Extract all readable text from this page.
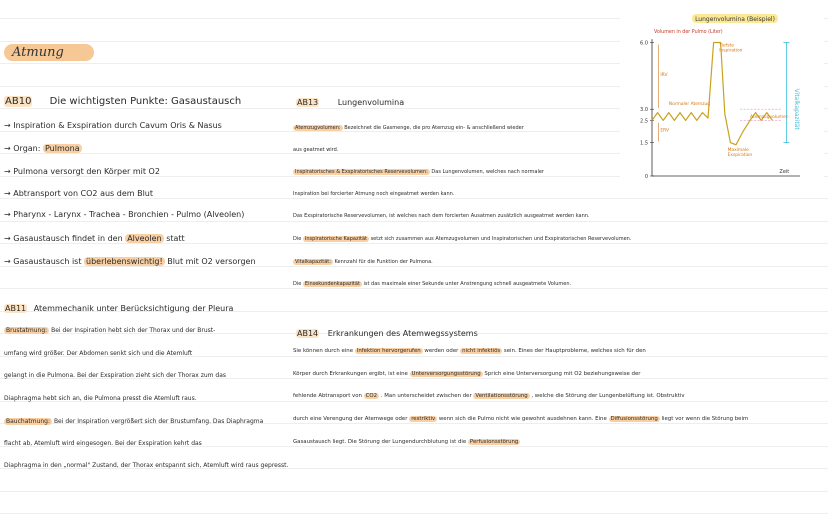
Atmung
AB10 Die wichtigsten Punkte: Gasaustausch
→ Inspiration & Exspiration durch Cavum Oris & Nasus
→ Organ: Pulmona
→ Pulmona versorgt den Körper mit O2
→ Abtransport von CO2 aus dem Blut
→ Pharynx - Larynx - Trachea - Bronchien - Pulmo (Alveolen)
→ Gasaustausch findet in den Alveolen statt
→ Gasaustausch ist überlebenswichtig! Blut mit O2 versorgen
AB11 Atemmechanik unter Berücksichtigung der Pleura
Brustatmung: Bei der Inspiration hebt sich der Thorax und der Brust-
umfang wird größer. Der Abdomen senkt sich und die Atemluft
gelangt in die Pulmona. Bei der Exspiration zieht sich der Thorax zum das
Diaphragma hebt sich an, die Pulmona presst die Atemluft raus.
Bauchatmung: Bei der Inspiration vergrößert sich der Brustumfang. Das Diaphragma
flacht ab, Atemluft wird eingesogen. Bei der Exspiration kehrt das
Diaphragma in den „normal" Zustand, der Thorax entspannt sich, Atemluft wird raus gepresst.
AB13 Lungenvolumina
Atemzugvolumen: Bezeichnet die Gasmenge, die pro Atemzug ein- & anschließend wieder
aus geatmet wird.
Inspiratorisches & Exspiratorisches Reservevolumen: Das Lungenvolumen, welches nach normaler
Inspiration bei forcierter Atmung noch eingeatmet werden kann.
Das Exspiratorische Reservevolumen, ist welches nach dem forcierten Ausatmen zusätzlich ausgeatmet werden kann.
Die Inspiratorische Kapazität setzt sich zusammen aus Atemzugvolumen und Inspiratorischen und Exspiratorischen Reservevolumen.
Vitalkapazität: Kennzahl für die Funktion der Pulmona.
Die Einsekundenkapazität ist das maximale einer Sekunde unter Anstrengung schnell ausgeatmete Volumen.
AB14 Erkrankungen des Atemwegssystems
Sie können durch eine Infektion hervorgerufen werden oder nicht infektiös sein. Eines der Hauptprobleme, welches sich für den
Körper durch Erkrankungen ergibt, ist eine Unterversorgungsstörung Sprich eine Unterversorgung mit O2 beziehungsweise der
fehlende Abtransport von CO2 . Man unterscheidet zwischen der Ventilationsstörung , welche die Störung der Lungenbelüftung ist. Obstruktiv
durch eine Verengung der Atemwege oder restriktiv wenn sich die Pulmo nicht wie gewohnt ausdehnen kann. Eine Diffusionsstörung liegt vor wenn die Störung beim
Gasaustausch liegt. Die Störung der Lungendurchblutung ist die Perfusionsstörung
Lungenvolumina (Beispiel)
Volumen in der Pulmo (Liter)
Zeit
0
1.5
2.5
3.0
6.0	Tiefste
Inspiration
Normaler Atemzug
IRV
ERV
Atemzugvolumen
Maximale
Exspiration
Vitalkapazität
